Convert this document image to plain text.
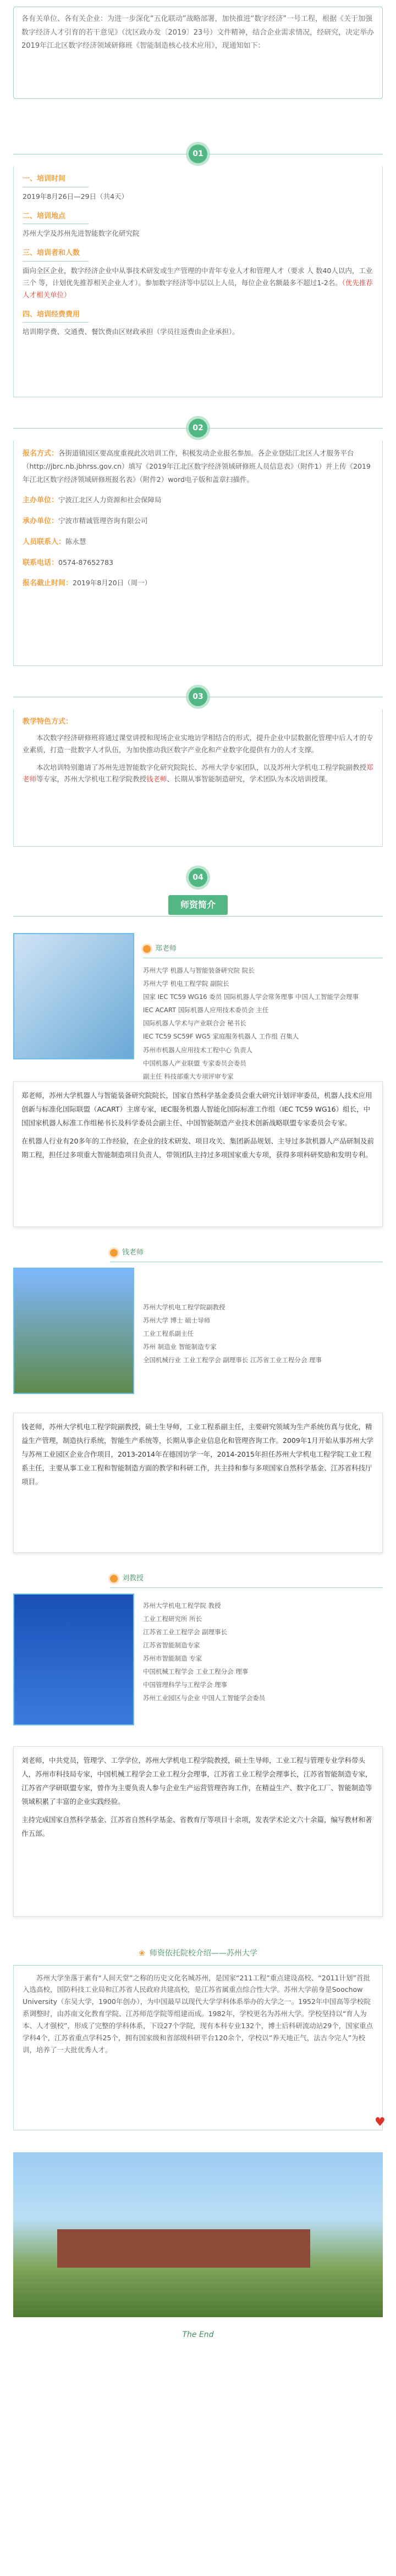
各有关单位、各有关企业：为进一步深化“五化联动”战略部署，加快推进“数字经济”一号工程，根据《关于加强数字经济人才引育的若干意见》（沈区政办发〔2019〕23号）文件精神，结合企业需求情况，经研究，决定举办2019年江北区数字经济领域研修班《智能制造核心技术应用》，现通知如下：
01
一、培训时间
2019年8月26日—29日（共4天）
二、培训地点
苏州大学及苏州先进智能数字化研究院
三、培训者和人数
面向全区企业，数字经济企业中从事技术研发或生产管理的中青年专业人才和管理人才（要求 人 数40人以内，工业三个 等，计划优先推荐相关企业人才）。参加数字经济等中层以上人员，每位企业名额最多不超过1-2名。（优先推荐人才相关单位）
四、培训经费费用
培训期学费、交通费、餐饮费由区财政承担（学员往返费由企业承担）。
02
报名方式：各街道镇园区要高度重视此次培训工作，积极发动企业报名参加。各企业登陆江北区人才服务平台（http://jbrc.nb.jbhrss.gov.cn）填写《2019年江北区数字经济领域研修班人员信息表》（附件1）并上传《2019年江北区数字经济领域研修班报名表》（附件2）word电子版和盖章扫描件。
主办单位：宁波江北区人力资源和社会保障局
承办单位：宁波市精诚管理咨询有限公司
人员联系人：陈永慧
联系电话：0574-87652783
报名截止时间：2019年8月20日（周一）
03
教学特色方式：
本次数字经济研修班将通过课堂讲授和现场企业实地访学相结合的形式，提升企业中层数据化管理中后人才的专业素质，打造一批数字人才队伍，为加快推动我区数字产业化和产业数字化提供有力的人才支撑。
本次培训特别邀请了苏州先进智能数字化研究院院长、苏州大学专家团队，以及苏州大学机电工程学院副教授郑老师等专家，苏州大学机电工程学院教授钱老师、长期从事智能制造研究，学术团队为本次培训授课。
04
师资简介
郑老师
苏州大学 机器人与智能装备研究院 院长
苏州大学 机电工程学院 副院长
国家 IEC TC59 WG16 委员 国际机器人学会常务理事 中国人工智能学会理事
IEC ACART 国际机器人应用技术委员会 主任
国际机器人学术与产业联合会 秘书长
IEC TC59 SC59F WG5 家庭服务机器人 工作组 召集人
苏州市机器人应用技术工程中心 负责人
中国机器人产业联盟 专家委员会委员
副主任 科技部重大专项评审专家
郑老师，苏州大学机器人与智能装备研究院院长，国家自然科学基金委员会重大研究计划评审委员，机器人技术应用创新与标准化国际联盟（ACART）主席专家，IEC服务机器人智能化国际标准工作组（IEC TC59 WG16）组长，中国国家机器人标准工作组秘书长及科学委员会副主任、中国智能制造产业技术创新战略联盟专家委员会专家。
在机器人行业有20多年的工作经验，在企业的技术研发、项目攻关、集团新品规划、主导过多款机器人产品研制及前期工程，担任过多项重大智能制造项目负责人，带领团队主持过多项国家重大专项，获得多项科研奖励和发明专利。
钱老师
苏州大学机电工程学院副教授
苏州大学 博士 硕士导师
工业工程系副主任
苏州 制造业 智能制造专家
全国机械行业 工业工程学会 副理事长 江苏省工业工程分会 理事
钱老师，苏州大学机电工程学院副教授，硕士生导师，工业工程系副主任，主要研究领域为生产系统仿真与优化，精益生产管理，制造执行系统，智能生产系统等，长期从事企业信息化和管理咨询工作。2009年1月开始从事苏州大学与苏州工业园区企业合作项目，2013-2014年在德国访学一年，2014-2015年担任苏州大学机电工程学院工业工程系主任，主要从事工业工程和智能制造方面的教学和科研工作，共主持和参与多项国家自然科学基金、江苏省科技厅项目。
刘教授
苏州大学机电工程学院 教授
工业工程研究所 所长
江苏省工业工程学会 副理事长
江苏省智能制造专家
苏州市智能制造 专家
中国机械工程学会 工业工程分会 理事
中国管理科学与工程学会 理事
苏州工业园区与企业 中国人工智能学会委员
刘老师，中共党员，管理学、工学学位，苏州大学机电工程学院教授，硕士生导师，工业工程与管理专业学科带头人，苏州市科技局专家，中国机械工程学会工业工程分会理事，江苏省工业工程学会理事长，江苏省智能制造专家，江苏省产学研联盟专家，曾作为主要负责人参与企业生产运营管理咨询工作，在精益生产、数字化工厂、智能制造等领域积累了丰富的企业实践经验。
主持完成国家自然科学基金、江苏省自然科学基金、省教育厅等项目十余项，发表学术论文六十余篇，编写教材和著作五部。
❀ 师资依托院校介绍——苏州大学
苏州大学坐落于素有“人间天堂”之称的历史文化名城苏州，是国家“211工程”重点建设高校、“2011计划”首批入选高校，国防科技工业局和江苏省人民政府共建高校，是江苏省属重点综合性大学。苏州大学前身是Soochow University（东吴大学，1900年创办），为中国最早以现代大学学科体系举办的大学之一。1952年中国高等学校院系调整时，由苏南文化教育学院、江苏师范学院等组建而成。1982年，学校更名为苏州大学。学校坚持以“育人为本、人才强校”，形成了完整的学科体系，下设27个学院，现有本科专业132个，博士后科研流动站29个，国家重点学科4个，江苏省重点学科25个，拥有国家级和省部级科研平台120余个，学校以“养天地正气，法古今完人”为校训，培养了一大批优秀人才。
♥
The End
